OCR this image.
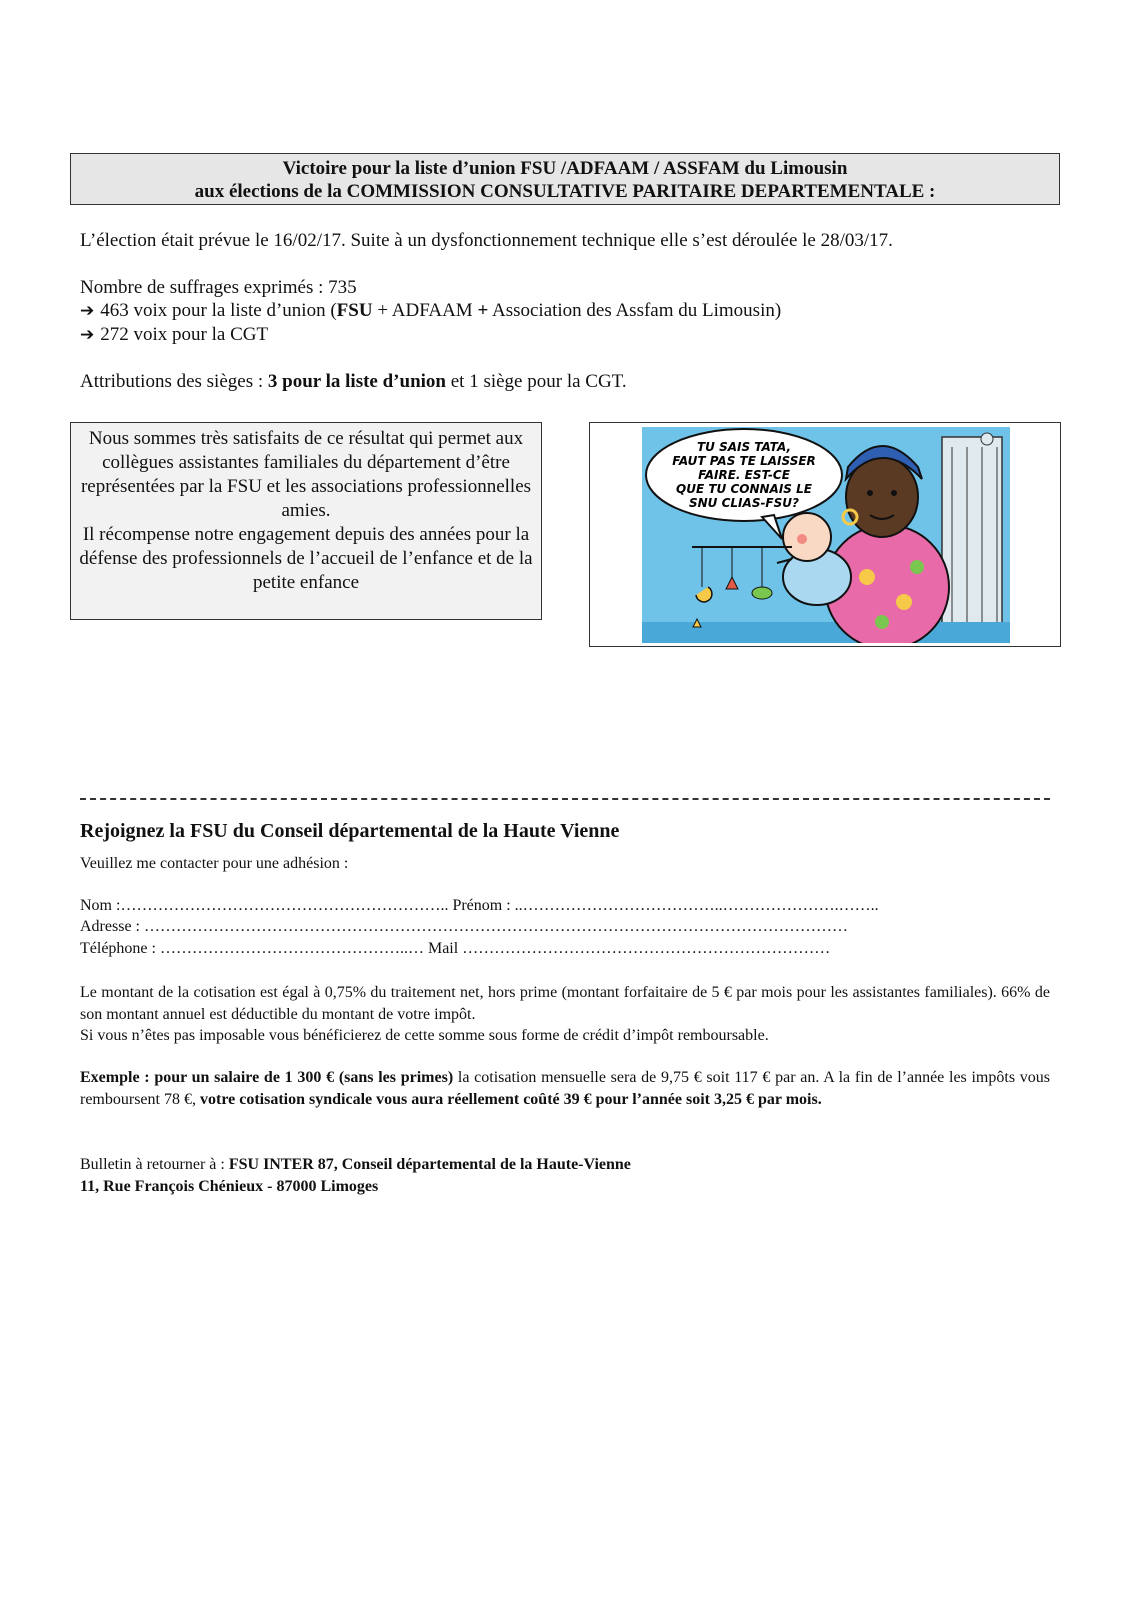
Victoire pour la liste d’union FSU /ADFAAM / ASSFAM du Limousin
aux élections de la COMMISSION CONSULTATIVE PARITAIRE DEPARTEMENTALE :
L’élection était prévue le 16/02/17. Suite à un dysfonctionnement technique elle s’est déroulée le 28/03/17.
Nombre de suffrages exprimés : 735
➔ 463 voix pour la liste d’union (FSU + ADFAAM + Association des Assfam du Limousin)
➔ 272 voix pour la CGT
Attributions des sièges : 3 pour la liste d’union et 1 siège pour la CGT.
Nous sommes très satisfaits de ce résultat qui permet aux collègues assistantes familiales du département d’être représentées par la FSU et les associations professionnelles amies.
Il récompense notre engagement depuis des années pour la défense des professionnels de l’accueil de l’enfance et de la petite enfance
TU SAIS TATA,
FAUT PAS TE LAISSER
FAIRE. EST-CE
QUE TU CONNAIS LE
SNU CLIAS-FSU?
Rejoignez la FSU du Conseil départemental de la Haute Vienne
Veuillez me contacter pour une adhésion :
Nom :…………………………………………………….. Prénom : ..………………………………..………………….……..
Adresse : ……………………………………………………………………………………………………………………
Téléphone : ………………………………………..… Mail ……………………………………………………………
Le montant de la cotisation est égal à 0,75% du traitement net, hors prime (montant forfaitaire de 5 € par mois pour les assistantes familiales). 66% de son montant annuel est déductible du montant de votre impôt.
Si vous n’êtes pas imposable vous bénéficierez de cette somme sous forme de crédit d’impôt remboursable.
Exemple : pour un salaire de 1 300 € (sans les primes) la cotisation mensuelle sera de 9,75 € soit 117 € par an. A la fin de l’année les impôts vous remboursent 78 €, votre cotisation syndicale vous aura réellement coûté 39 € pour l’année soit 3,25 € par mois.
Bulletin à retourner à : FSU INTER 87, Conseil départemental de la Haute-Vienne
11, Rue François Chénieux - 87000 Limoges
